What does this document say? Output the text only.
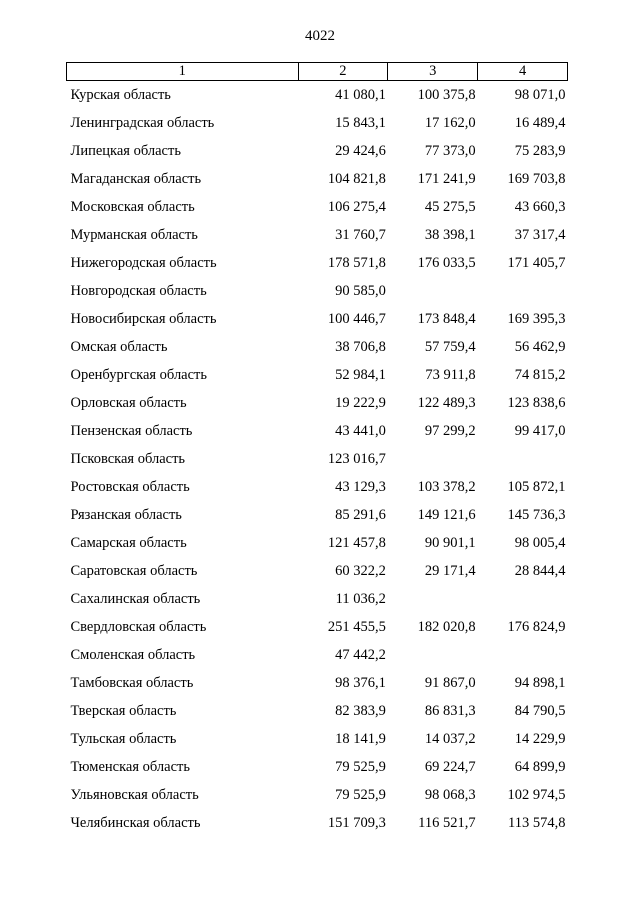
4022
1	2	3	4
Курская область	41 080,1	100 375,8	98 071,0
Ленинградская область	15 843,1	17 162,0	16 489,4
Липецкая область	29 424,6	77 373,0	75 283,9
Магаданская область	104 821,8	171 241,9	169 703,8
Московская область	106 275,4	45 275,5	43 660,3
Мурманская область	31 760,7	38 398,1	37 317,4
Нижегородская область	178 571,8	176 033,5	171 405,7
Новгородская область	90 585,0		
Новосибирская область	100 446,7	173 848,4	169 395,3
Омская область	38 706,8	57 759,4	56 462,9
Оренбургская область	52 984,1	73 911,8	74 815,2
Орловская область	19 222,9	122 489,3	123 838,6
Пензенская область	43 441,0	97 299,2	99 417,0
Псковская область	123 016,7		
Ростовская область	43 129,3	103 378,2	105 872,1
Рязанская область	85 291,6	149 121,6	145 736,3
Самарская область	121 457,8	90 901,1	98 005,4
Саратовская область	60 322,2	29 171,4	28 844,4
Сахалинская область	11 036,2		
Свердловская область	251 455,5	182 020,8	176 824,9
Смоленская область	47 442,2		
Тамбовская область	98 376,1	91 867,0	94 898,1
Тверская область	82 383,9	86 831,3	84 790,5
Тульская область	18 141,9	14 037,2	14 229,9
Тюменская область	79 525,9	69 224,7	64 899,9
Ульяновская область	79 525,9	98 068,3	102 974,5
Челябинская область	151 709,3	116 521,7	113 574,8
